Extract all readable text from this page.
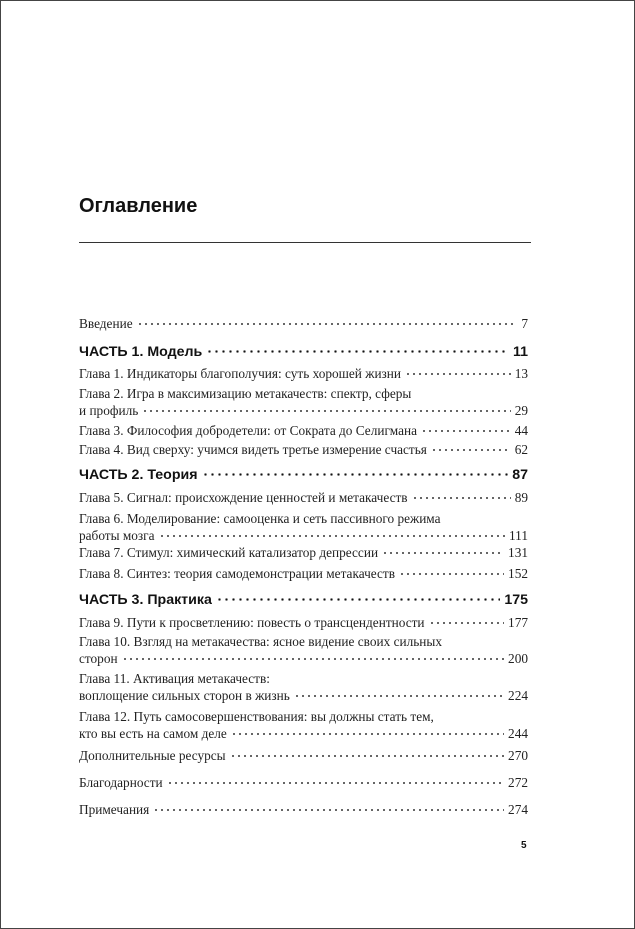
Оглавление
Введение	7
ЧАСТЬ 1. Модель	11
Глава 1. Индикаторы благополучия: суть хорошей жизни	13
Глава 2. Игра в максимизацию метакачеств: спектр, сферы
и профиль	29
Глава 3. Философия добродетели: от Сократа до Селигмана	44
Глава 4. Вид сверху: учимся видеть третье измерение счастья	62
ЧАСТЬ 2. Теория	87
Глава 5. Сигнал: происхождение ценностей и метакачеств	89
Глава 6. Моделирование: самооценка и сеть пассивного режима
работы мозга	111
Глава 7. Стимул: химический катализатор депрессии	131
Глава 8. Синтез: теория самодемонстрации метакачеств	152
ЧАСТЬ 3. Практика	175
Глава 9. Пути к просветлению: повесть о трансцендентности	177
Глава 10. Взгляд на метакачества: ясное видение своих сильных
сторон	200
Глава 11. Активация метакачеств:
воплощение сильных сторон в жизнь	224
Глава 12. Путь самосовершенствования: вы должны стать тем,
кто вы есть на самом деле	244
Дополнительные ресурсы	270
Благодарности	272
Примечания	274
5
